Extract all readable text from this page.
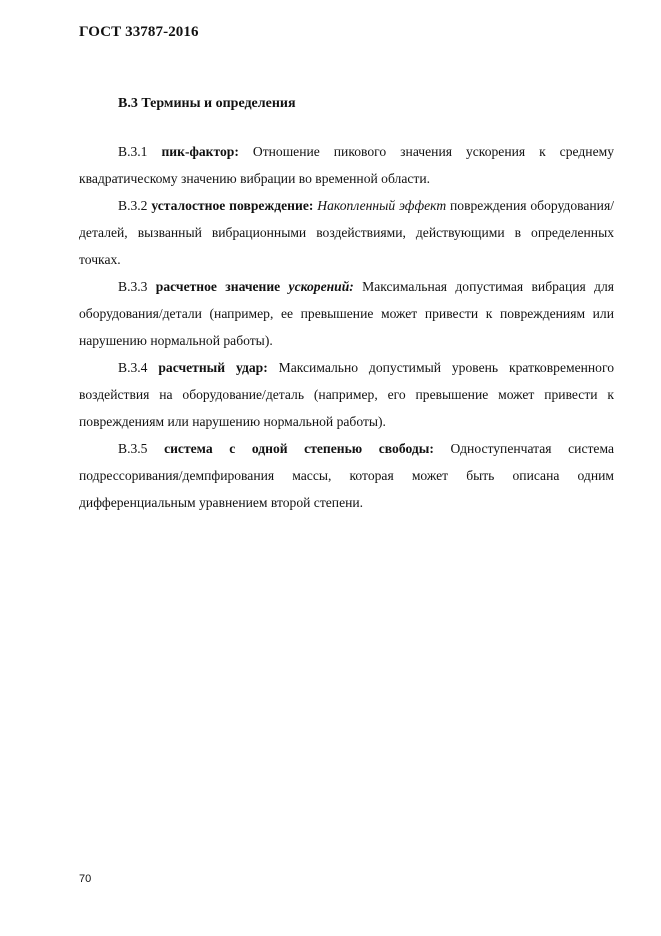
ГОСТ 33787-2016
В.3 Термины и определения

В.3.1 пик-фактор: Отношение пикового значения ускорения к среднему квадратическому значению вибрации во временной области.

В.3.2 усталостное повреждение: Накопленный эффект повреждения оборудования/деталей, вызванный вибрационными воздействиями, действующими в определенных точках.

В.3.3 расчетное значение ускорений: Максимальная допустимая вибрация для оборудования/детали (например, ее превышение может привести к повреждениям или нарушению нормальной работы).

В.3.4 расчетный удар: Максимально допустимый уровень кратковременного воздействия на оборудование/деталь (например, его превышение может привести к повреждениям или нарушению нормальной работы).

В.3.5 система с одной степенью свободы: Одноступенчатая система подрессоривания/демпфирования массы, которая может быть описана одним дифференциальным уравнением второй степени.

70
